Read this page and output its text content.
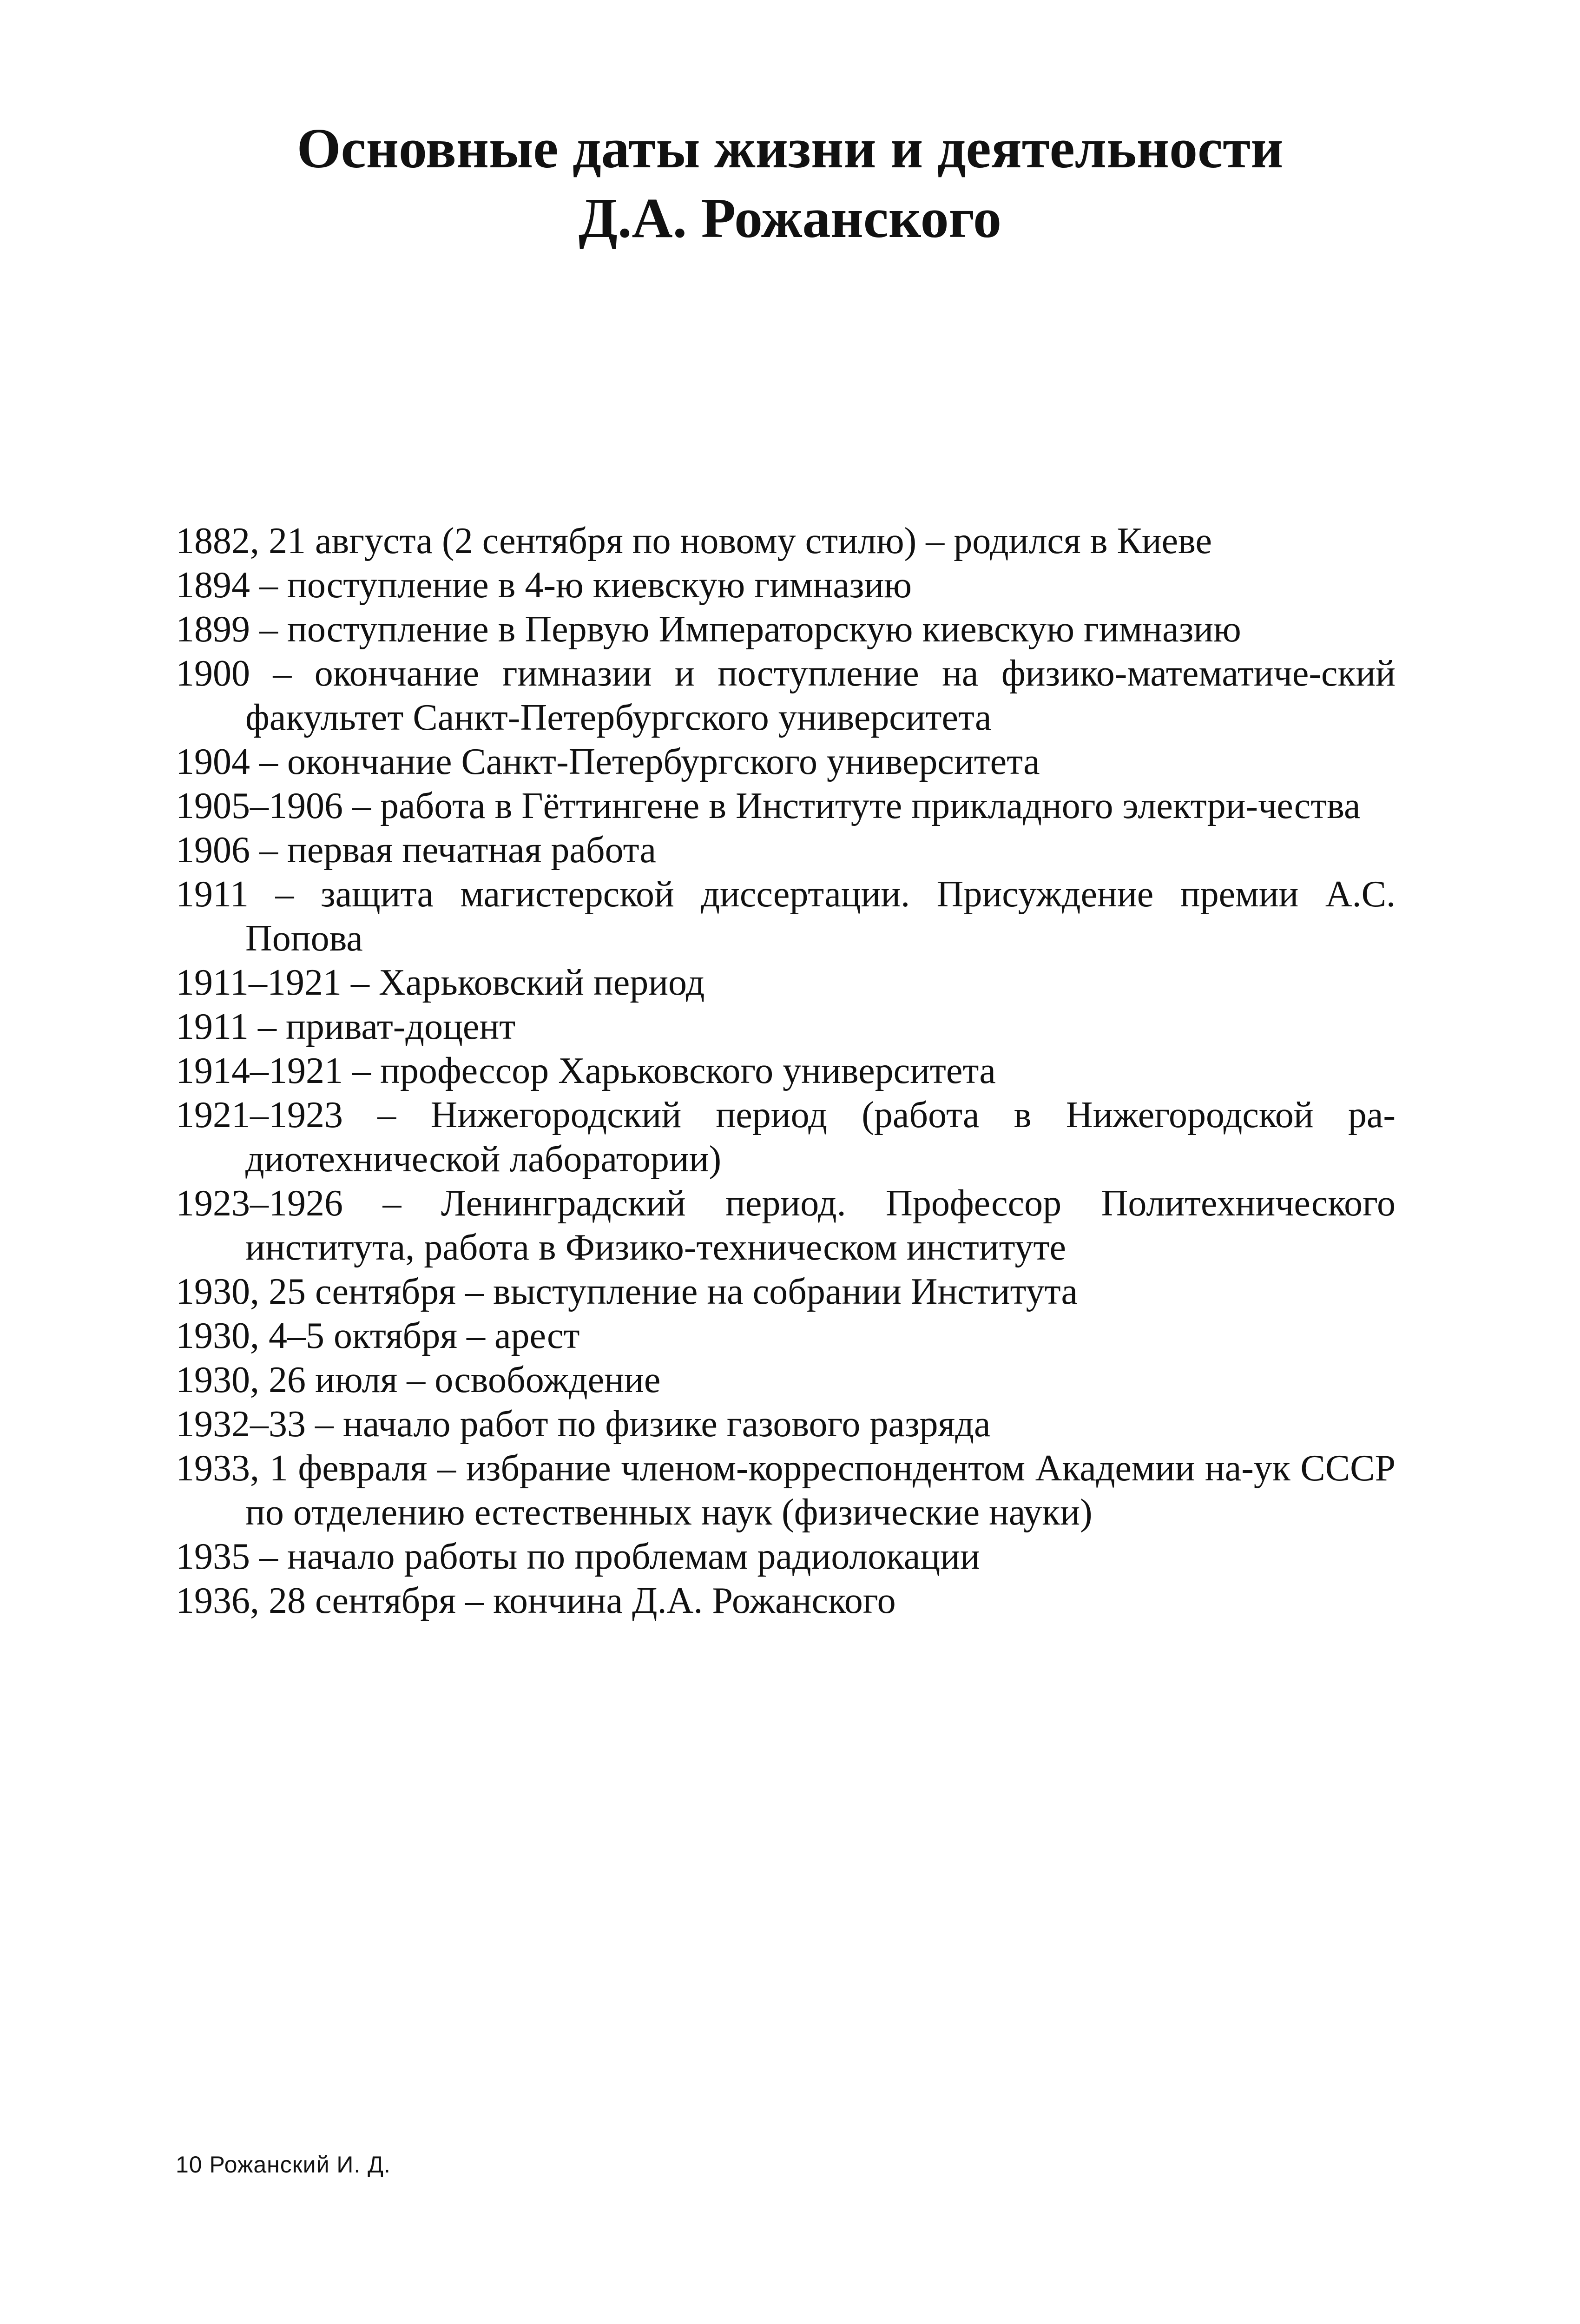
Основные даты жизни и деятельности
Д.А. Рожанского
1882, 21 августа (2 сентября по новому стилю) – родился в Киеве
1894 – поступление в 4-ю киевскую гимназию
1899 – поступление в Первую Императорскую киевскую гимназию
1900 – окончание гимназии и поступление на физико-математиче-ский факультет Санкт-Петербургского университета
1904 – окончание Санкт-Петербургского университета
1905–1906 – работа в Гёттингене в Институте прикладного электри-чества
1906 – первая печатная работа
1911 – защита магистерской диссертации. Присуждение премии А.С. Попова
1911–1921 – Харьковский период
1911 – приват-доцент
1914–1921 – профессор Харьковского университета
1921–1923 – Нижегородский период (работа в Нижегородской ра-диотехнической лаборатории)
1923–1926 – Ленинградский период. Профессор Политехнического института, работа в Физико-техническом институте
1930, 25 сентября – выступление на собрании Института
1930, 4–5 октября – арест
1930, 26 июля – освобождение
1932–33 – начало работ по физике газового разряда
1933, 1 февраля – избрание членом-корреспондентом Академии на-ук СССР по отделению естественных наук (физические науки)
1935 – начало работы по проблемам радиолокации
1936, 28 сентября – кончина Д.А. Рожанского
10 Рожанский И. Д.
